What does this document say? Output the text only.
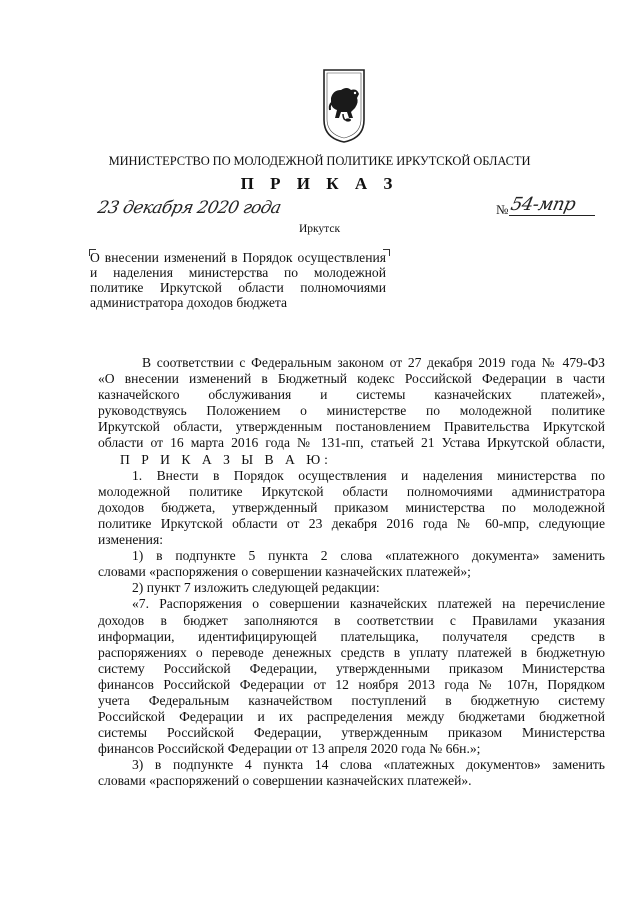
МИНИСТЕРСТВО ПО МОЛОДЕЖНОЙ ПОЛИТИКЕ ИРКУТСКОЙ ОБЛАСТИ
П Р И К А З
23 декабря 2020 года	№ 54-мпр
Иркутск
О внесении изменений в Порядок осуществления и наделения министерства по молодежной политике Иркутской области полномочиями администратора доходов бюджета
В соответствии с Федеральным законом от 27 декабря 2019 года № 479-ФЗ
«О внесении изменений в Бюджетный кодекс Российской Федерации в части
казначейского обслуживания и системы казначейских платежей»,
руководствуясь Положением о министерстве по молодежной политике
Иркутской области, утвержденным постановлением Правительства Иркутской
области от 16 марта 2016 года № 131-пп, статьей 21 Устава Иркутской области,
П Р И К А З Ы В А Ю:
1. Внести в Порядок осуществления и наделения министерства по
молодежной политике Иркутской области полномочиями администратора
доходов бюджета, утвержденный приказом министерства по молодежной
политике Иркутской области от 23 декабря 2016 года № 60-мпр, следующие
изменения:
1) в подпункте 5 пункта 2 слова «платежного документа» заменить
словами «распоряжения о совершении казначейских платежей»;
2) пункт 7 изложить следующей редакции:
«7. Распоряжения о совершении казначейских платежей на перечисление
доходов в бюджет заполняются в соответствии с Правилами указания
информации, идентифицирующей плательщика, получателя средств в
распоряжениях о переводе денежных средств в уплату платежей в бюджетную
систему Российской Федерации, утвержденными приказом Министерства
финансов Российской Федерации от 12 ноября 2013 года № 107н, Порядком
учета Федеральным казначейством поступлений в бюджетную систему
Российской Федерации и их распределения между бюджетами бюджетной
системы Российской Федерации, утвержденным приказом Министерства
финансов Российской Федерации от 13 апреля 2020 года № 66н.»;
3) в подпункте 4 пункта 14 слова «платежных документов» заменить
словами «распоряжений о совершении казначейских платежей».
